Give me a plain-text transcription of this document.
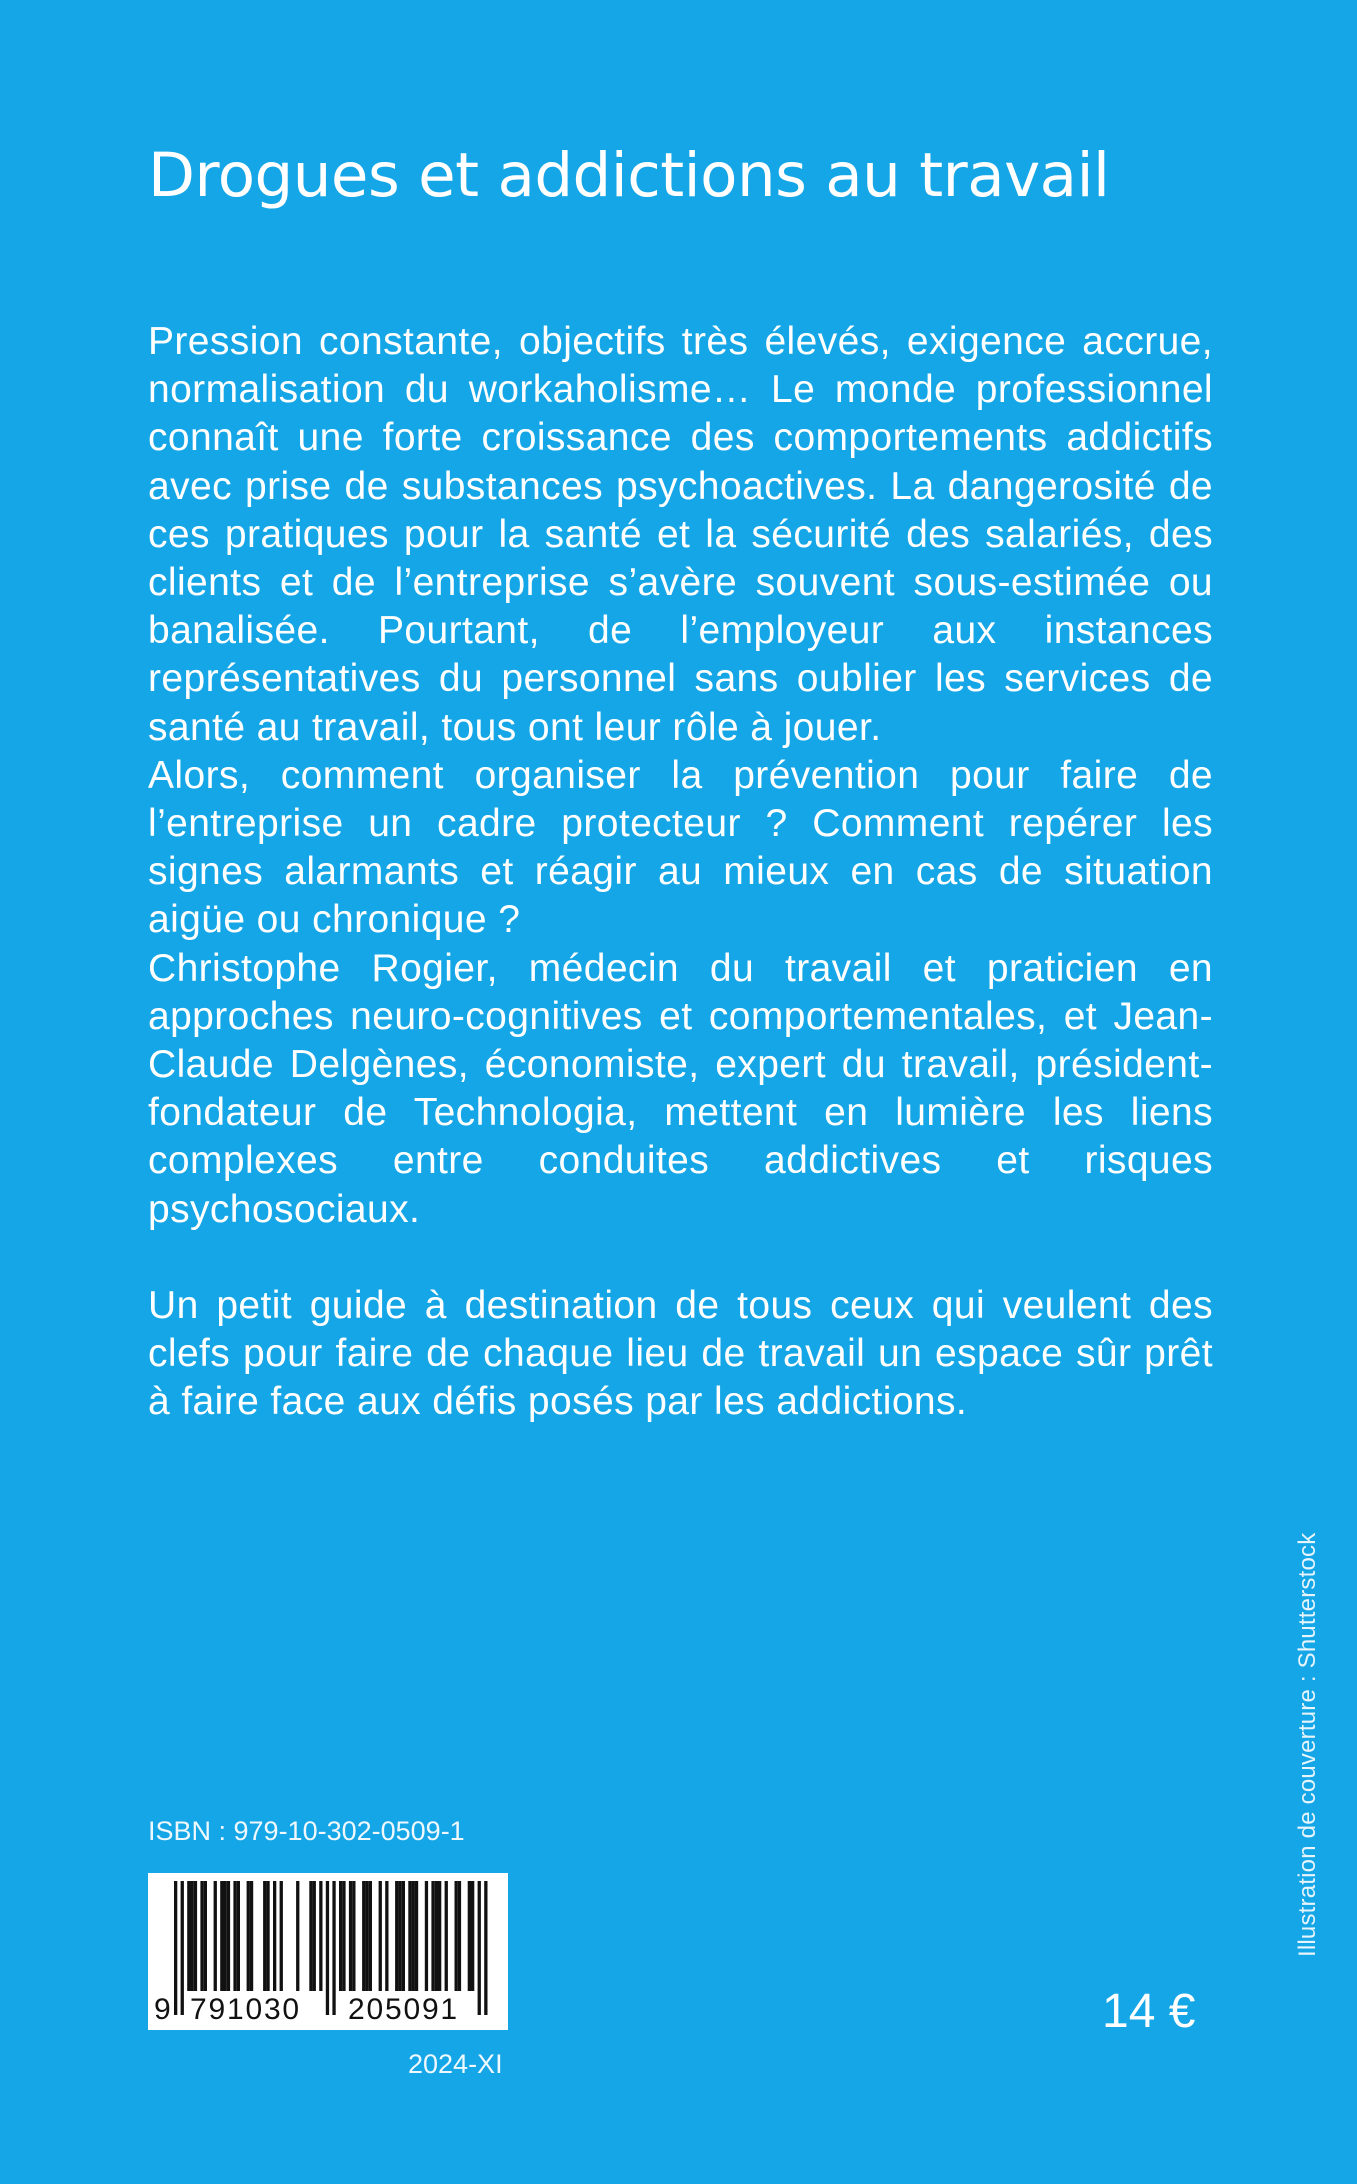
Drogues et addictions au travail

Pression constante, objectifs très élevés, exigence accrue, normalisation du workaholisme… Le monde professionnel connaît une forte croissance des comportements addictifs avec prise de substances psychoactives. La dangerosité de ces pratiques pour la santé et la sécurité des salariés, des clients et de l’entreprise s’avère souvent sous-estimée ou banalisée. Pourtant, de l’employeur aux instances représentatives du personnel sans oublier les services de santé au travail, tous ont leur rôle à jouer.

Alors, comment organiser la prévention pour faire de l’entreprise un cadre protecteur ? Comment repérer les signes alarmants et réagir au mieux en cas de situation aigüe ou chronique ?

Christophe Rogier, médecin du travail et praticien en approches neuro-cognitives et comportementales, et Jean-Claude Delgènes, économiste, expert du travail, président-fondateur de Technologia, mettent en lumière les liens complexes entre conduites addictives et risques psychosociaux.

Un petit guide à destination de tous ceux qui veulent des clefs pour faire de chaque lieu de travail un espace sûr prêt à faire face aux défis posés par les addictions.

Illustration de couverture : Shutterstock
ISBN : 979-10-302-0509-1
9 791030 205091
2024-XI
14 €
